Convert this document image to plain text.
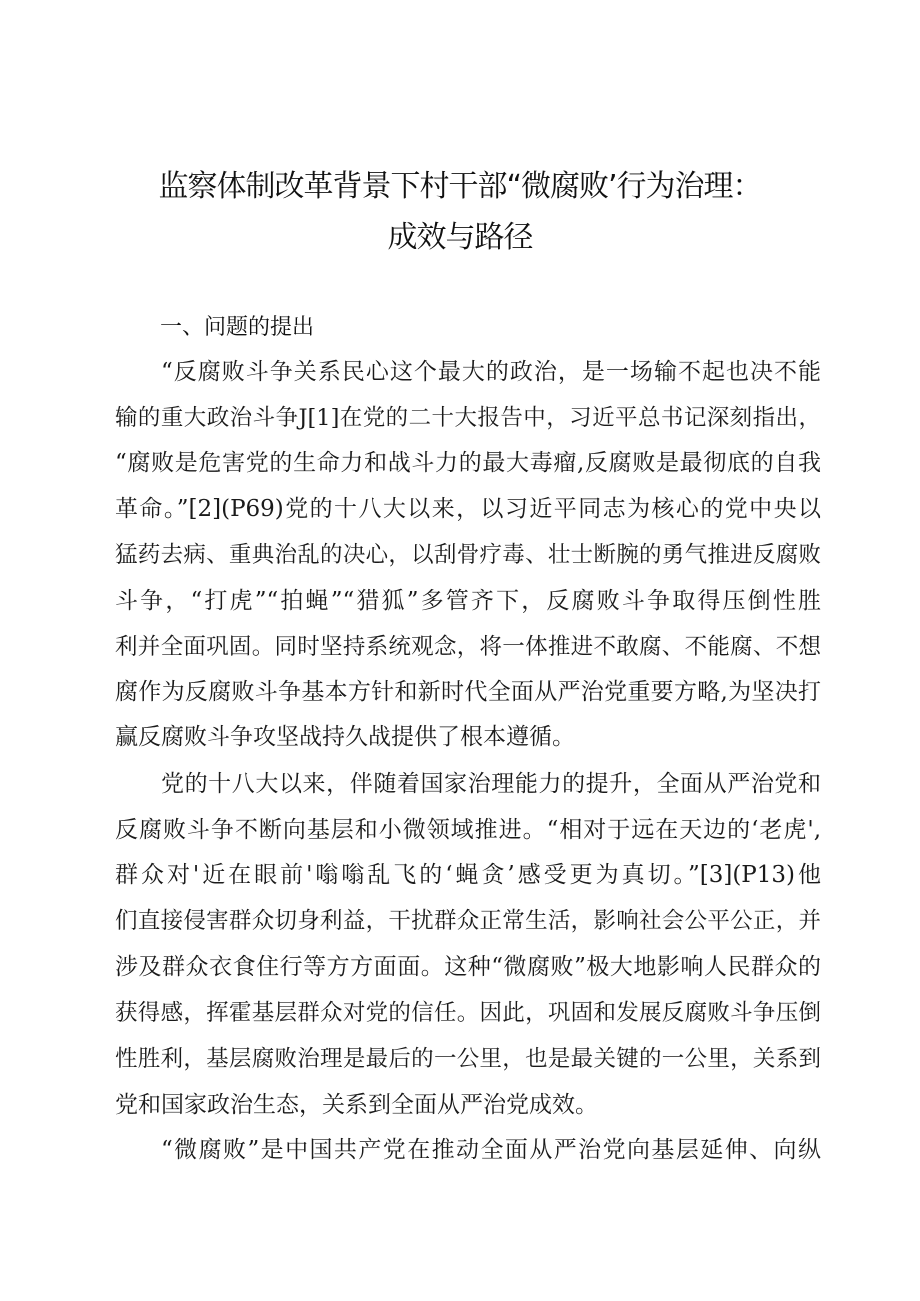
监察体制改革背景下村干部“微腐败’行为治理：
成效与路径
一、问题的提出
“反腐败斗争关系民心这个最大的政治，是一场输不起也决不能
输的重大政治斗争J[1]在党的二十大报告中，习近平总书记深刻指出，
“腐败是危害党的生命力和战斗力的最大毒瘤,反腐败是最彻底的自我
革命。”[2](P69)党的十八大以来，以习近平同志为核心的党中央以
猛药去病、重典治乱的决心，以刮骨疗毒、壮士断腕的勇气推进反腐败
斗争，“打虎”“拍蝇”“猎狐”多管齐下，反腐败斗争取得压倒性胜
利并全面巩固。同时坚持系统观念，将一体推进不敢腐、不能腐、不想
腐作为反腐败斗争基本方针和新时代全面从严治党重要方略,为坚决打
赢反腐败斗争攻坚战持久战提供了根本遵循。
党的十八大以来，伴随着国家治理能力的提升，全面从严治党和
反腐败斗争不断向基层和小微领域推进。“相对于远在天边的‘老虎',
群众对'近在眼前'嗡嗡乱飞的‘蝇贪’感受更为真切。”[3](P13)他
们直接侵害群众切身利益，干扰群众正常生活，影响社会公平公正，并
涉及群众衣食住行等方方面面。这种“微腐败”极大地影响人民群众的
获得感，挥霍基层群众对党的信任。因此，巩固和发展反腐败斗争压倒
性胜利，基层腐败治理是最后的一公里，也是最关键的一公里，关系到
党和国家政治生态，关系到全面从严治党成效。
“微腐败”是中国共产党在推动全面从严治党向基层延伸、向纵
